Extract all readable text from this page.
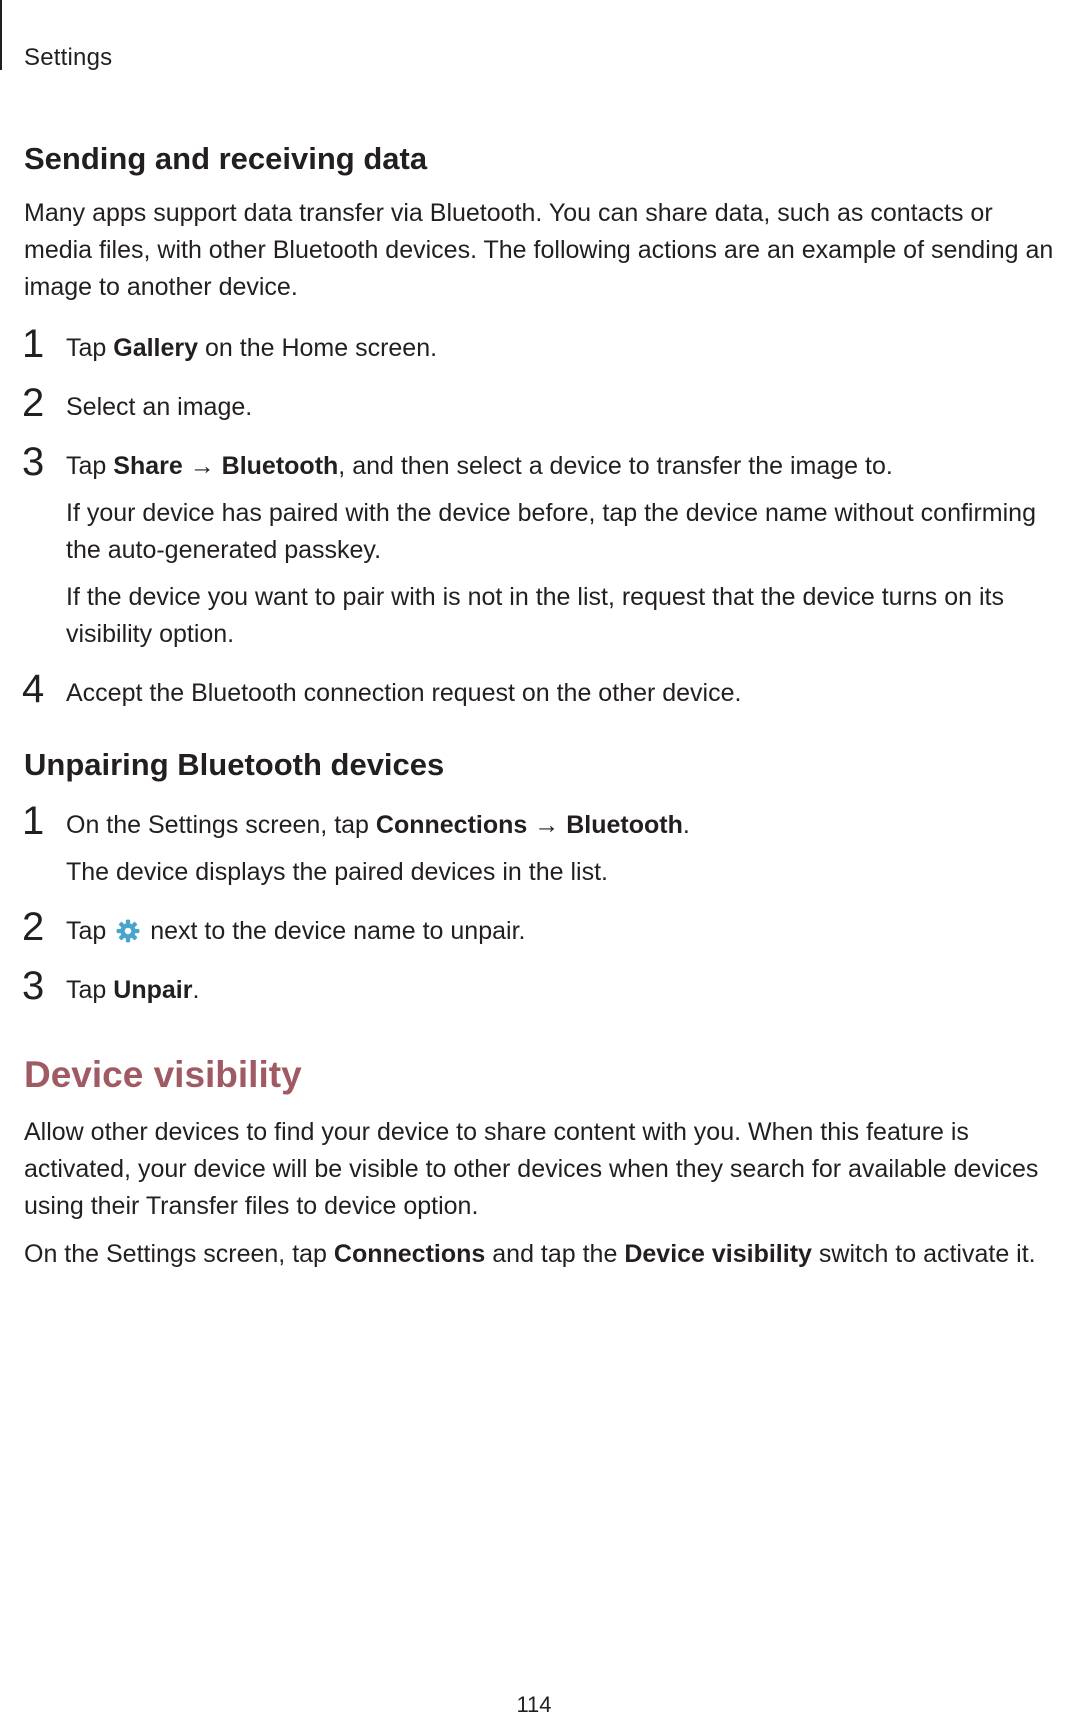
Settings
Sending and receiving data

Many apps support data transfer via Bluetooth. You can share data, such as contacts or media files, with other Bluetooth devices. The following actions are an example of sending an image to another device.

1 Tap Gallery on the Home screen.
2 Select an image.
3 Tap Share → Bluetooth, and then select a device to transfer the image to.
If your device has paired with the device before, tap the device name without confirming the auto-generated passkey.
If the device you want to pair with is not in the list, request that the device turns on its visibility option.
4 Accept the Bluetooth connection request on the other device.
Unpairing Bluetooth devices
1 On the Settings screen, tap Connections → Bluetooth.
The device displays the paired devices in the list.
2 Tap  next to the device name to unpair.
3 Tap Unpair.
Device visibility

Allow other devices to find your device to share content with you. When this feature is activated, your device will be visible to other devices when they search for available devices using their Transfer files to device option.

On the Settings screen, tap Connections and tap the Device visibility switch to activate it.

114
